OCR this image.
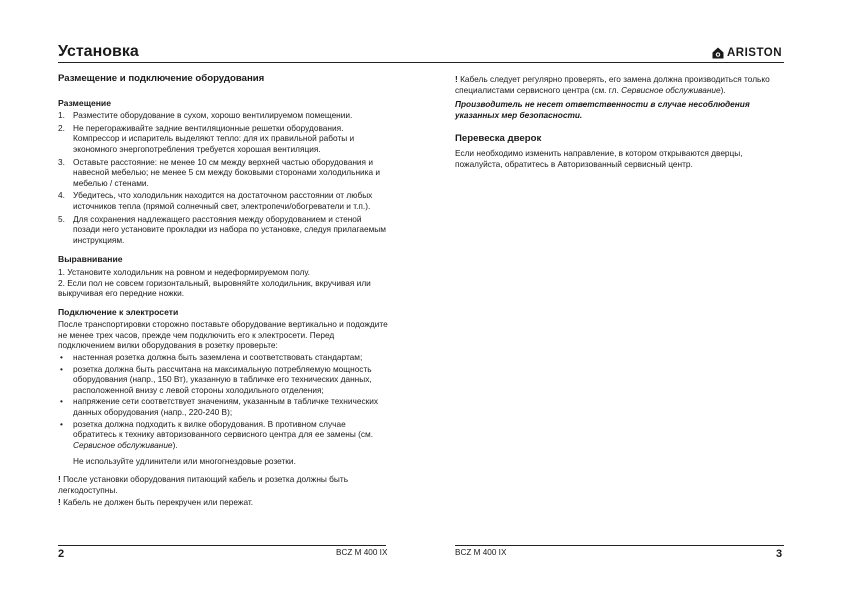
Установка	ARISTON

Размещение и подключение оборудования

Размещение

1. Разместите оборудование в сухом, хорошо вентилируемом помещении.
2. Не перегораживайте задние вентиляционные решетки оборудования. Компрессор и испаритель выделяют тепло: для их правильной работы и экономного энергопотребления требуется хорошая вентиляция.
3. Оставьте расстояние: не менее 10 см между верхней частью оборудования и навесной мебелью; не менее 5 см между боковыми сторонами холодильника и мебелью / стенами.
4. Убедитесь, что холодильник находится на достаточном расстоянии от любых источников тепла (прямой солнечный свет, электропечи/обогреватели и т.п.).
5. Для сохранения надлежащего расстояния между оборудованием и стеной позади него установите прокладки из набора по установке, следуя прилагаемым инструкциям.

Выравнивание

1. Установите холодильник на ровном и недеформируемом полу.

2. Если пол не совсем горизонтальный, выровняйте холодильник, вкручивая или выкручивая его передние ножки.

Подключение к электросети

После транспортировки сторожно поставьте оборудование вертикально и подождите не менее трех часов, прежде чем подключить его к электросети. Перед подключением вилки оборудования в розетку проверьте:

• настенная розетка должна быть заземлена и соответствовать стандартам;
• розетка должна быть рассчитана на максимальную потребляемую мощность оборудования (напр., 150 Вт), указанную в табличке его технических данных, расположенной внизу с левой стороны холодильного отделения;
• напряжение сети соответствует значениям, указанным в табличке технических данных оборудования (напр., 220-240 В);
• розетка должна подходить к вилке оборудования. В противном случае обратитесь к технику авторизованного сервисного центра для ее замены (см. Сервисное обслуживание).

Не используйте удлинители или многогнездовые розетки.

! После установки оборудования питающий кабель и розетка должны быть легкодоступны.

! Кабель не должен быть перекручен или пережат.

2	BCZ M 400 IX

! Кабель следует регулярно проверять, его замена должна производиться только специалистами сервисного центра (см. гл. Сервисное обслуживание).

Производитель не несет ответственности в случае несоблюдения указанных мер безопасности.

Перевеска дверок

Если необходимо изменить направление, в котором открываются дверцы, пожалуйста, обратитесь в Авторизованный сервисный центр.

BCZ M 400 IX	3
